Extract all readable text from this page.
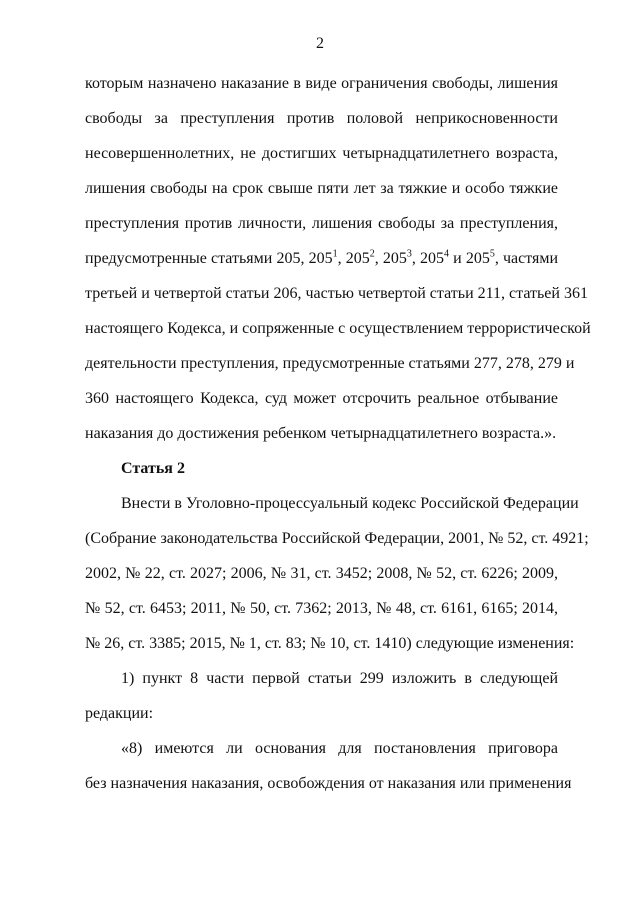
2
которым назначено наказание в виде ограничения свободы, лишения
свободы за преступления против половой неприкосновенности
несовершеннолетних, не достигших четырнадцатилетнего возраста,
лишения свободы на срок свыше пяти лет за тяжкие и особо тяжкие
преступления против личности, лишения свободы за преступления,
предусмотренные статьями 205, $205^1$, $205^2$, $205^3$, $205^4$ и $205^5$, частями
третьей и четвертой статьи 206, частью четвертой статьи 211, статьей 361
настоящего Кодекса, и сопряженные с осуществлением террористической
деятельности преступления, предусмотренные статьями 277, 278, 279 и
360 настоящего Кодекса, суд может отсрочить реальное отбывание
наказания до достижения ребенком четырнадцатилетнего возраста.».
Статья 2
Внести в Уголовно-процессуальный кодекс Российской Федерации
(Собрание законодательства Российской Федерации, 2001, № 52, ст. 4921;
2002, № 22, ст. 2027; 2006, № 31, ст. 3452; 2008, № 52, ст. 6226; 2009,
№ 52, ст. 6453; 2011, № 50, ст. 7362; 2013, № 48, ст. 6161, 6165; 2014,
№ 26, ст. 3385; 2015, № 1, ст. 83; № 10, ст. 1410) следующие изменения:
1) пункт 8 части первой статьи 299 изложить в следующей
редакции:
«8) имеются ли основания для постановления приговора
без назначения наказания, освобождения от наказания или применения
